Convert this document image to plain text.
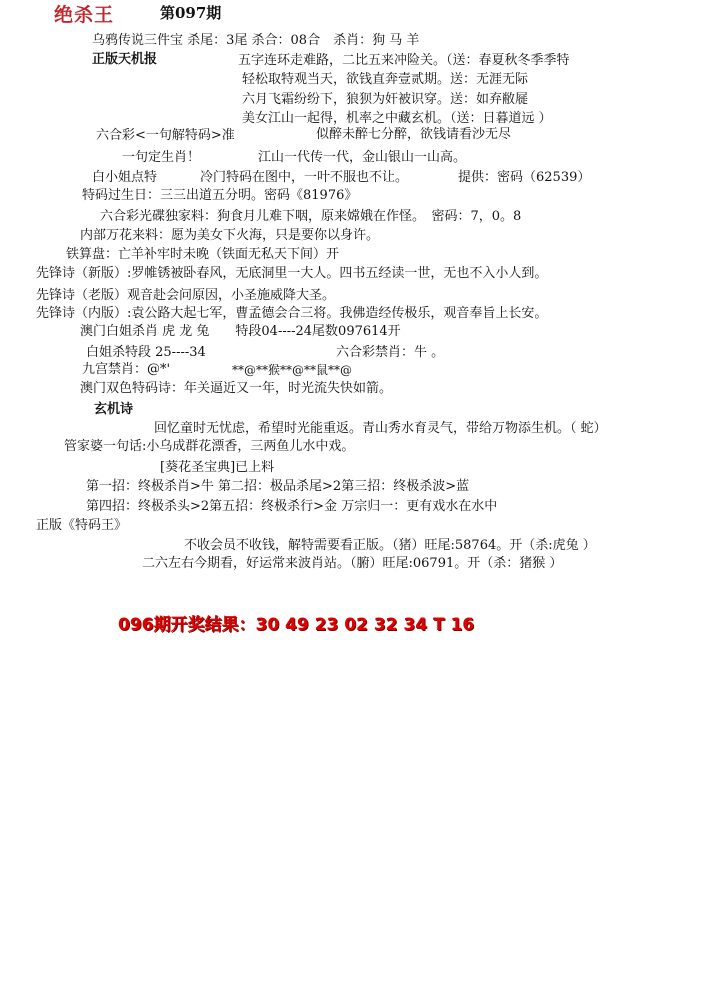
绝杀王	第097期
乌鸦传说三件宝 杀尾：3尾 杀合：08合　杀肖：狗 马 羊
正版天机报	五字连环走难路，二比五来冲险关。（送：春夏秋冬季季特
轻松取特观当天，欲钱直奔壹贰期。送：无涯无际
六月飞霜纷纷下，狼狈为奸被识穿。送：如弃敝屣
美女江山一起得，机率之中藏玄机。（送：日暮道远 ）
六合彩<一句解特码>准	似醉未醉七分醉，欲钱请看沙无尽
一句定生肖！	江山一代传一代，金山银山一山高。
白小姐点特	冷门特码在图中，一叶不服也不让。	提供：密码（62539）
特码过生日：三三出道五分明。密码《81976》
六合彩光碟独家料：狗食月儿难下咽，原来嫦娥在作怪。　密码：7，0。8
内部万花来料：愿为美女下火海，只是要你以身许。
铁算盘：亡羊补牢时未晚（铁面无私天下间）开
先锋诗（新版）:罗帷锈被卧春风，无底洞里一大人。四书五经读一世，无也不入小人到。
先锋诗（老版）观音赴会问原因，小圣施威降大圣。
先锋诗（内版）:袁公路大起七军，曹孟德会合三将。我佛造经传极乐，观音奉旨上长安。
澳门白姐杀肖 虎 龙 兔　　特段04----24尾数097614开
白姐杀特段 25----34	六合彩禁肖：牛 。
九宫禁肖：@*'	**@**猴**@**鼠**@
澳门双色特码诗：年关逼近又一年，时光流失快如箭。
玄机诗
回忆童时无忧虑，希望时光能重返。青山秀水育灵气，带给万物添生机。（ 蛇）
管家婆一句话:小乌成群花漂香，三两鱼儿水中戏。
[葵花圣宝典]已上料
第一招：终极杀肖>牛 第二招：极品杀尾>2第三招：终极杀波>蓝
第四招：终极杀头>2第五招：终极杀行>金 万宗归一：更有戏水在水中
正版《特码王》
不收会员不收钱，解特需要看正版。（猪）旺尾:58764。开（杀:虎兔 ）
二六左右今期看，好运常来波肖站。（腑）旺尾:06791。开（杀：猪猴 ）
096期开奖结果：30 49 23 02 32 34 T 16
